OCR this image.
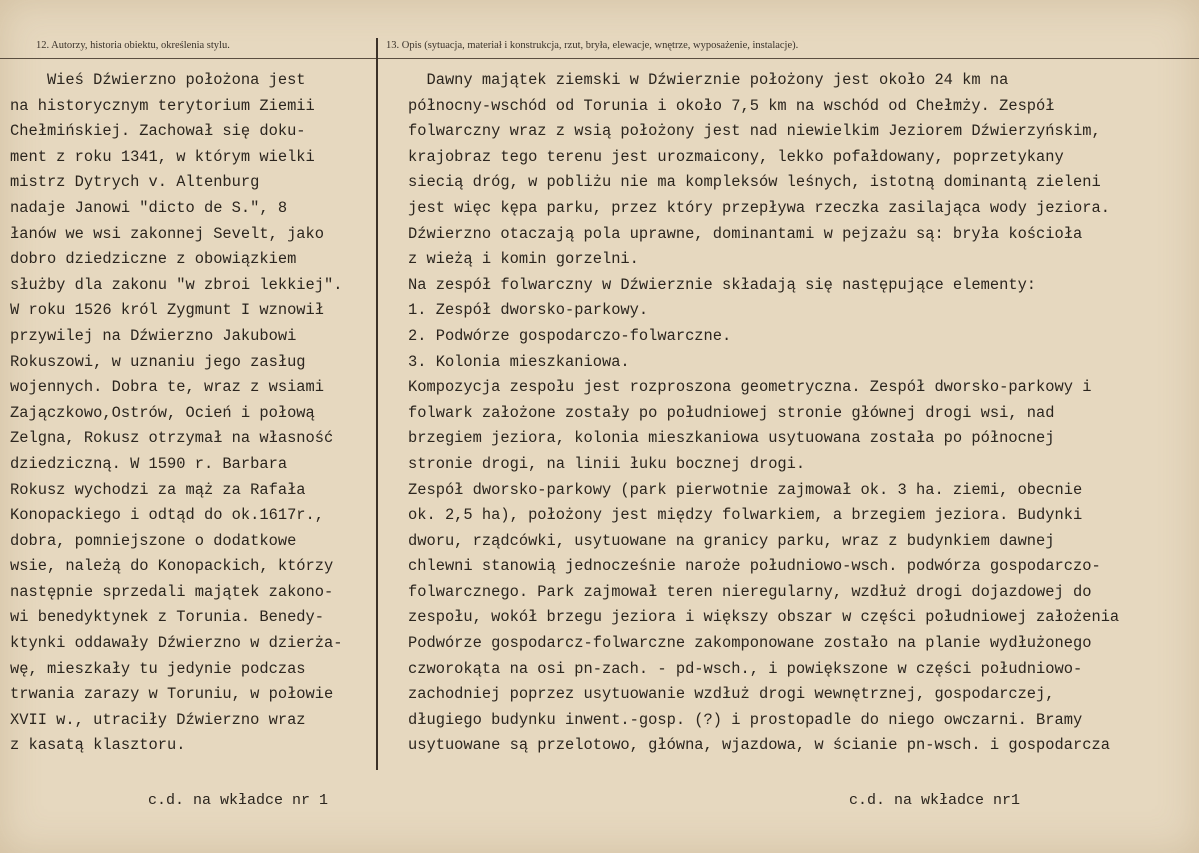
12. Autorzy, historia obiektu, określenia stylu.	13. Opis (sytuacja, materiał i konstrukcja, rzut, bryła, elewacje, wnętrze, wyposażenie, instalacje).
Wieś Dźwierzno położona jest
na historycznym terytorium Ziemii
Chełmińskiej. Zachował się doku-
ment z roku 1341, w którym wielki
mistrz Dytrych v. Altenburg
nadaje Janowi "dicto de S.", 8
łanów we wsi zakonnej Sevelt, jako
dobro dziedziczne z obowiązkiem
służby dla zakonu "w zbroi lekkiej".
W roku 1526 król Zygmunt I wznowił
przywilej na Dźwierzno Jakubowi
Rokuszowi, w uznaniu jego zasług
wojennych. Dobra te, wraz z wsiami
Zajączkowo,Ostrów, Ocień i połową
Zelgna, Rokusz otrzymał na własność
dziedziczną. W 1590 r. Barbara
Rokusz wychodzi za mąż za Rafała
Konopackiego i odtąd do ok.1617r.,
dobra, pomniejszone o dodatkowe
wsie, należą do Konopackich, którzy
następnie sprzedali majątek zakono-
wi benedyktynek z Torunia. Benedy-
ktynki oddawały Dźwierzno w dzierża-
wę, mieszkały tu jedynie podczas
trwania zarazy w Toruniu, w połowie
XVII w., utraciły Dźwierzno wraz
z kasatą klasztoru.
Dawny majątek ziemski w Dźwierznie położony jest około 24 km na
północny-wschód od Torunia i około 7,5 km na wschód od Chełmży. Zespół
folwarczny wraz z wsią położony jest nad niewielkim Jeziorem Dźwierzyńskim,
krajobraz tego terenu jest urozmaicony, lekko pofałdowany, poprzetykany
siecią dróg, w pobliżu nie ma kompleksów leśnych, istotną dominantą zieleni
jest więc kępa parku, przez który przepływa rzeczka zasilająca wody jeziora.
Dźwierzno otaczają pola uprawne, dominantami w pejzażu są: bryła kościoła
z wieżą i komin gorzelni.
Na zespół folwarczny w Dźwierznie składają się następujące elementy:
1. Zespół dworsko-parkowy.
2. Podwórze gospodarczo-folwarczne.
3. Kolonia mieszkaniowa.
Kompozycja zespołu jest rozproszona geometryczna. Zespół dworsko-parkowy i
folwark założone zostały po południowej stronie głównej drogi wsi, nad
brzegiem jeziora, kolonia mieszkaniowa usytuowana została po północnej
stronie drogi, na linii łuku bocznej drogi.
Zespół dworsko-parkowy (park pierwotnie zajmował ok. 3 ha. ziemi, obecnie
ok. 2,5 ha), położony jest między folwarkiem, a brzegiem jeziora. Budynki
dworu, rządcówki, usytuowane na granicy parku, wraz z budynkiem dawnej
chlewni stanowią jednocześnie naroże południowo-wsch. podwórza gospodarczo-
folwarcznego. Park zajmował teren nieregularny, wzdłuż drogi dojazdowej do
zespołu, wokół brzegu jeziora i większy obszar w części południowej założenia
Podwórze gospodarcz-folwarczne zakomponowane zostało na planie wydłużonego
czworokąta na osi pn-zach. - pd-wsch., i powiększone w części południowo-
zachodniej poprzez usytuowanie wzdłuż drogi wewnętrznej, gospodarczej,
długiego budynku inwent.-gosp. (?) i prostopadle do niego owczarni. Bramy
usytuowane są przelotowo, główna, wjazdowa, w ścianie pn-wsch. i gospodarcza
c.d. na wkładce nr 1	c.d. na wkładce nr1
